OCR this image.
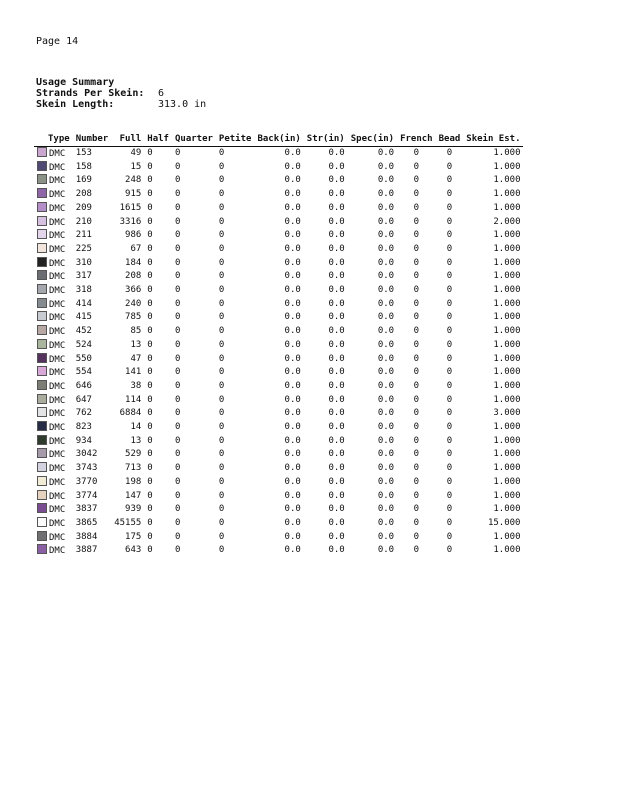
Page 14
Usage Summary
Strands Per Skein:	6
Skein Length:	313.0 in
Type	Number	Full	Half	Quarter	Petite	Back(in)	Str(in)	Spec(in)	French	Bead	Skein Est.
DMC	153	49	0	0	0	0.0	0.0	0.0	0	0	1.000
DMC	158	15	0	0	0	0.0	0.0	0.0	0	0	1.000
DMC	169	248	0	0	0	0.0	0.0	0.0	0	0	1.000
DMC	208	915	0	0	0	0.0	0.0	0.0	0	0	1.000
DMC	209	1615	0	0	0	0.0	0.0	0.0	0	0	1.000
DMC	210	3316	0	0	0	0.0	0.0	0.0	0	0	2.000
DMC	211	986	0	0	0	0.0	0.0	0.0	0	0	1.000
DMC	225	67	0	0	0	0.0	0.0	0.0	0	0	1.000
DMC	310	184	0	0	0	0.0	0.0	0.0	0	0	1.000
DMC	317	208	0	0	0	0.0	0.0	0.0	0	0	1.000
DMC	318	366	0	0	0	0.0	0.0	0.0	0	0	1.000
DMC	414	240	0	0	0	0.0	0.0	0.0	0	0	1.000
DMC	415	785	0	0	0	0.0	0.0	0.0	0	0	1.000
DMC	452	85	0	0	0	0.0	0.0	0.0	0	0	1.000
DMC	524	13	0	0	0	0.0	0.0	0.0	0	0	1.000
DMC	550	47	0	0	0	0.0	0.0	0.0	0	0	1.000
DMC	554	141	0	0	0	0.0	0.0	0.0	0	0	1.000
DMC	646	38	0	0	0	0.0	0.0	0.0	0	0	1.000
DMC	647	114	0	0	0	0.0	0.0	0.0	0	0	1.000
DMC	762	6884	0	0	0	0.0	0.0	0.0	0	0	3.000
DMC	823	14	0	0	0	0.0	0.0	0.0	0	0	1.000
DMC	934	13	0	0	0	0.0	0.0	0.0	0	0	1.000
DMC	3042	529	0	0	0	0.0	0.0	0.0	0	0	1.000
DMC	3743	713	0	0	0	0.0	0.0	0.0	0	0	1.000
DMC	3770	198	0	0	0	0.0	0.0	0.0	0	0	1.000
DMC	3774	147	0	0	0	0.0	0.0	0.0	0	0	1.000
DMC	3837	939	0	0	0	0.0	0.0	0.0	0	0	1.000
DMC	3865	45155	0	0	0	0.0	0.0	0.0	0	0	15.000
DMC	3884	175	0	0	0	0.0	0.0	0.0	0	0	1.000
DMC	3887	643	0	0	0	0.0	0.0	0.0	0	0	1.000
